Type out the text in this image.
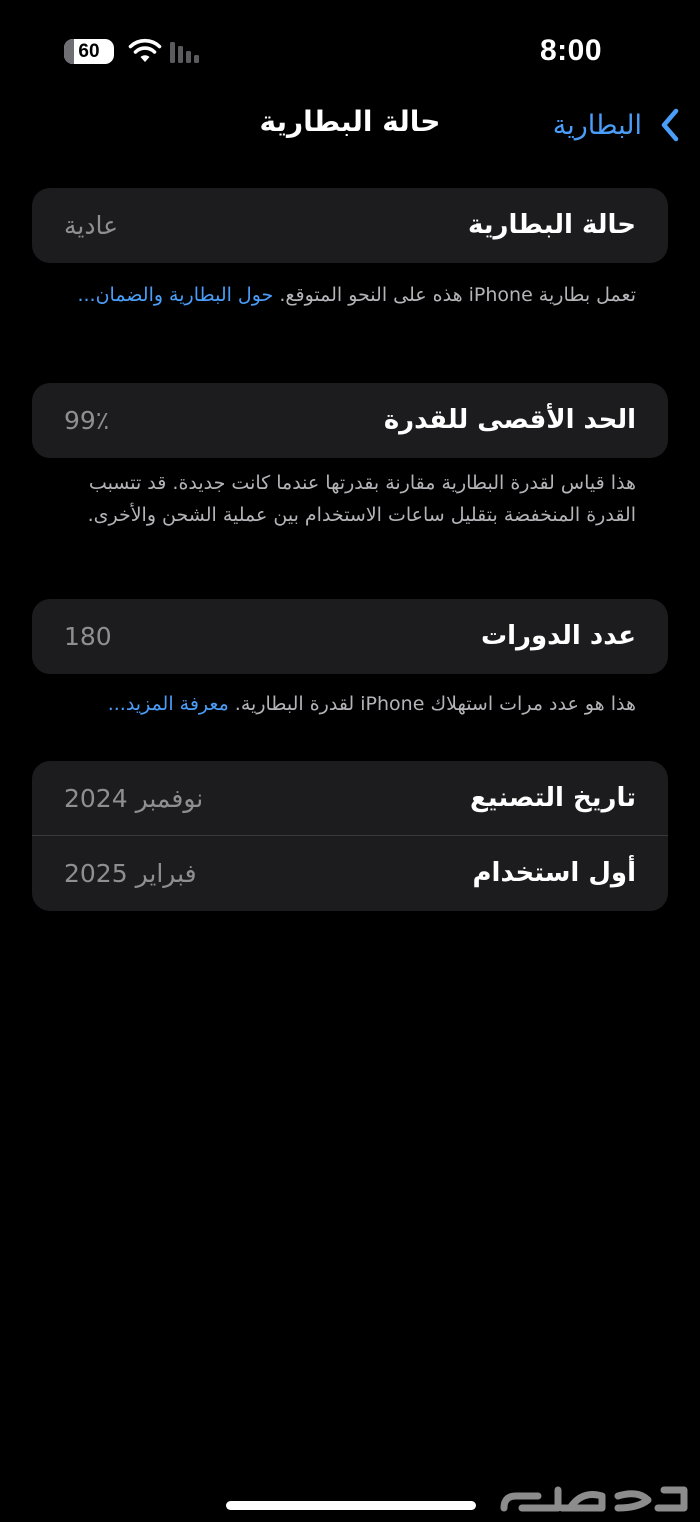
60	8:00
البطارية
حالة البطارية
حالة البطارية
عادية
تعمل بطارية iPhone هذه على النحو المتوقع. حول البطارية والضمان...
الحد الأقصى للقدرة
99٪
هذا قياس لقدرة البطارية مقارنة بقدرتها عندما كانت جديدة. قد تتسبب القدرة المنخفضة بتقليل ساعات الاستخدام بين عملية الشحن والأخرى.
عدد الدورات
180
هذا هو عدد مرات استهلاك iPhone لقدرة البطارية. معرفة المزيد...
تاريخ التصنيع
نوفمبر 2024
أول استخدام
فبراير 2025
